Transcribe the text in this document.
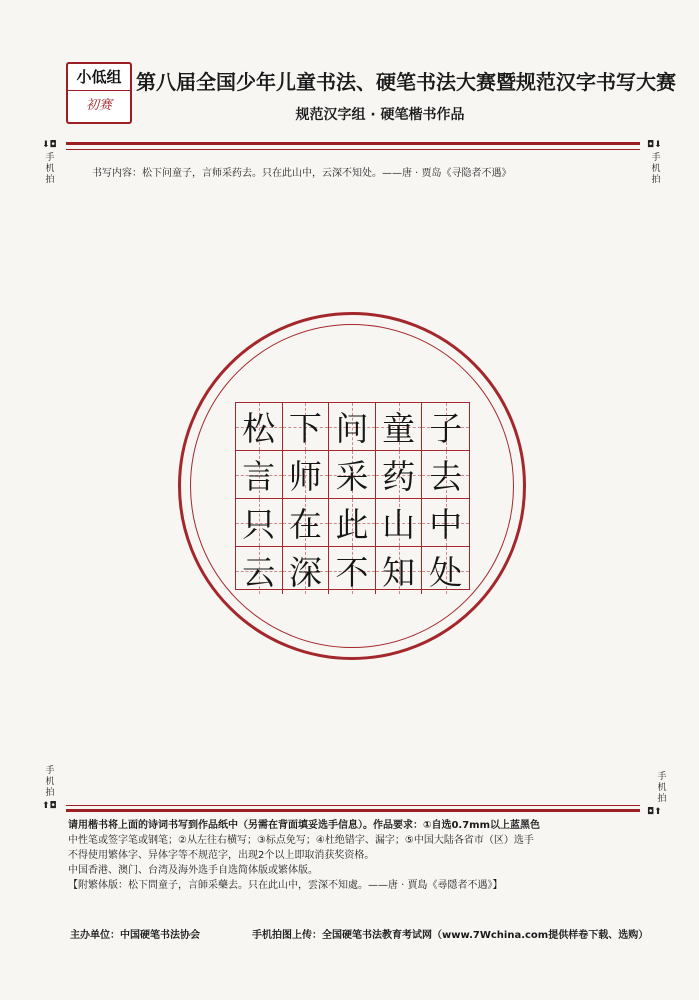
小低组
初赛
第八届全国少年儿童书法、硬笔书法大赛暨规范汉字书写大赛
规范汉字组 · 硬笔楷书作品
⬇◘
手机拍
◘⬇
手机拍
书写内容：松下问童子，言师采药去。只在此山中，云深不知处。——唐 · 贾岛《寻隐者不遇》
松 下 问 童 子
言 师 采 药 去
只 在 此 山 中
云 深 不 知 处
手机拍
⬆◘
手机拍
◘⬆

请用楷书将上面的诗词书写到作品纸中（另需在背面填妥选手信息）。作品要求：①自选0.7mm以上蓝黑色

中性笔或签字笔或钢笔；②从左往右横写；③标点免写；④杜绝错字、漏字；⑤中国大陆各省市（区）选手

不得使用繁体字、异体字等不规范字，出现2个以上即取消获奖资格。

中国香港、澳门、台湾及海外选手自选简体版或繁体版。

【附繁体版：松下問童子，言師采藥去。只在此山中，雲深不知處。——唐 · 賈島《尋隱者不遇》】

主办单位：中国硬笔书法协会	手机拍图上传：全国硬笔书法教育考试网（www.7Wchina.com提供样卷下载、选购）
